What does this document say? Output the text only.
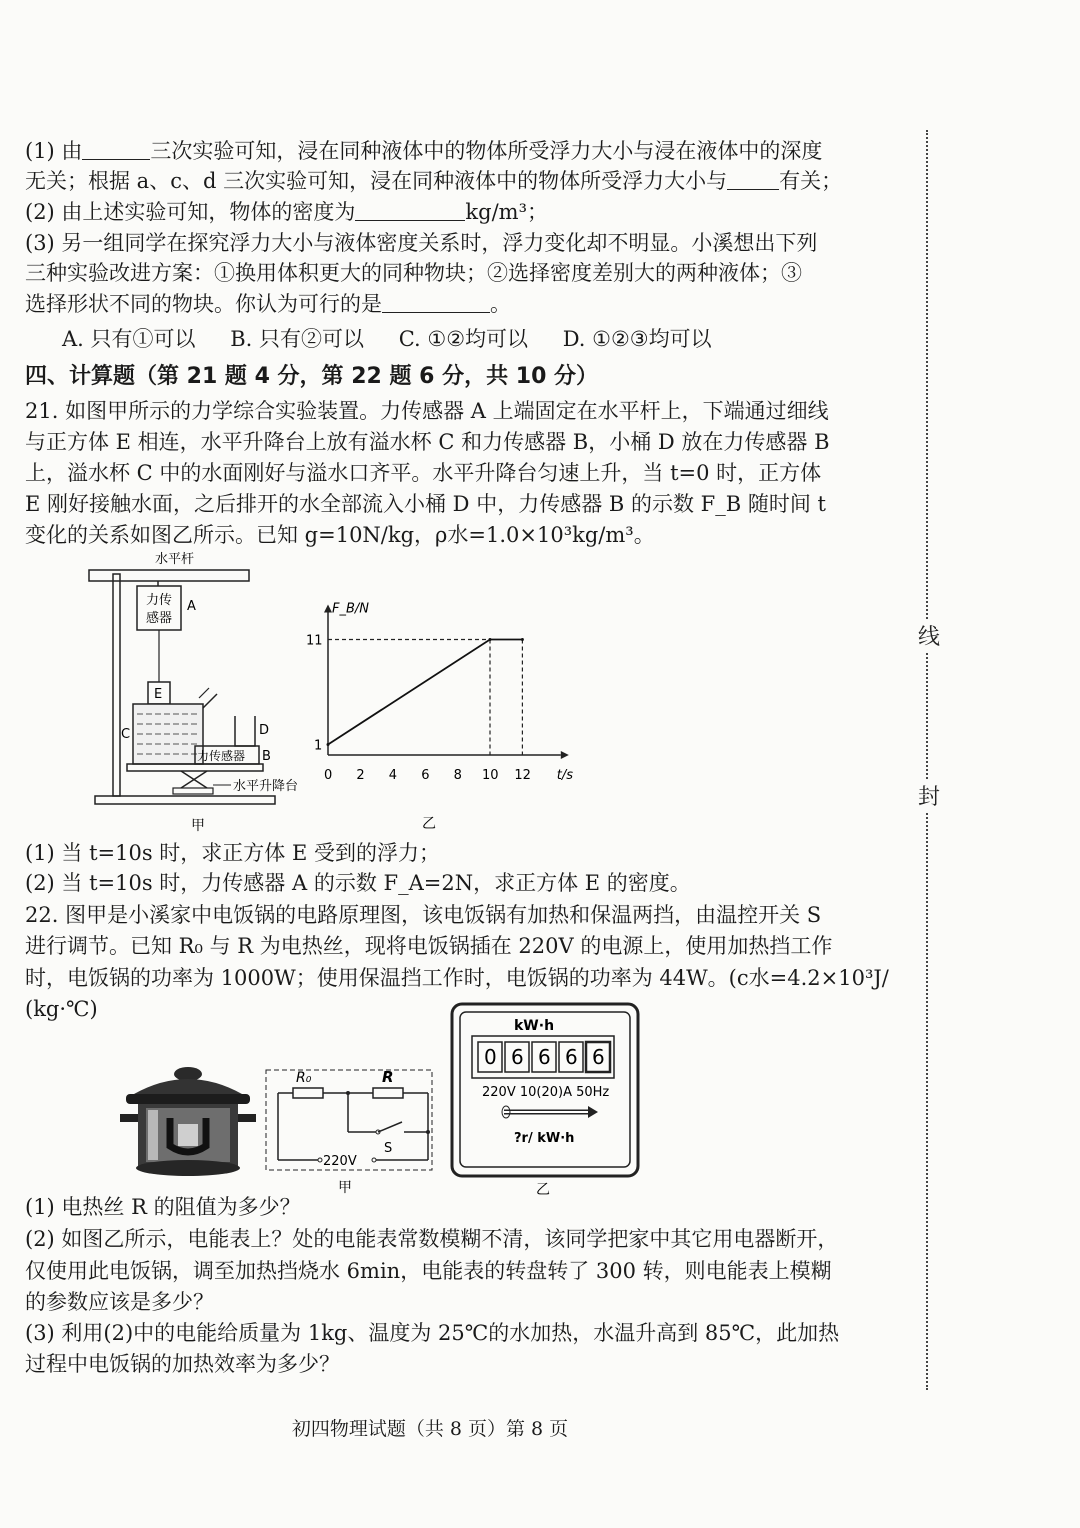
(1) 由	三次实验可知，浸在同种液体中的物体所受浮力大小与浸在液体中的深度
无关；根据 a、c、d 三次实验可知，浸在同种液体中的物体所受浮力大小与 有关；
(2) 由上述实验可知，物体的密度为	kg/m³；
(3) 另一组同学在探究浮力大小与液体密度关系时，浮力变化却不明显。小溪想出下列
三种实验改进方案：①换用体积更大的同种物块；②选择密度差别大的两种液体；③
选择形状不同的物块。你认为可行的是	。
A. 只有①可以 B. 只有②可以 C. ①②均可以 D. ①②③均可以
四、计算题（第 21 题 4 分，第 22 题 6 分，共 10 分）
21. 如图甲所示的力学综合实验装置。力传感器 A 上端固定在水平杆上，下端通过细线
与正方体 E 相连，水平升降台上放有溢水杯 C 和力传感器 B，小桶 D 放在力传感器 B
上，溢水杯 C 中的水面刚好与溢水口齐平。水平升降台匀速上升，当 t=0 时，正方体
E 刚好接触水面，之后排开的水全部流入小桶 D 中，力传感器 B 的示数 F_B 随时间 t
变化的关系如图乙所示。已知 g=10N/kg，ρ水=1.0×10³kg/m³。
水平杆
力传
感器
A
E
C	D
力传感器 B
水平升降台
甲
F_B/N
t/s
0 2 4 6 8 10 12
1
11
乙
(1) 当 t=10s 时，求正方体 E 受到的浮力；
(2) 当 t=10s 时，力传感器 A 的示数 F_A=2N，求正方体 E 的密度。
22. 图甲是小溪家中电饭锅的电路原理图，该电饭锅有加热和保温两挡，由温控开关 S
进行调节。已知 R₀ 与 R 为电热丝，现将电饭锅插在 220V 的电源上，使用加热挡工作
时，电饭锅的功率为 1000W；使用保温挡工作时，电饭锅的功率为 44W。(c水=4.2×10³J/
(kg·℃)
R₀	R
S
220V
甲
kW·h
0 6 6 6 6
220V 10(20)A 50Hz
?r/ kW·h
乙
(1) 电热丝 R 的阻值为多少？
(2) 如图乙所示，电能表上？处的电能表常数模糊不清，该同学把家中其它用电器断开，
仅使用此电饭锅，调至加热挡烧水 6min，电能表的转盘转了 300 转，则电能表上模糊
的参数应该是多少？
(3) 利用(2)中的电能给质量为 1kg、温度为 25℃的水加热，水温升高到 85℃，此加热
过程中电饭锅的加热效率为多少？
初四物理试题（共 8 页）第 8 页
线
封
